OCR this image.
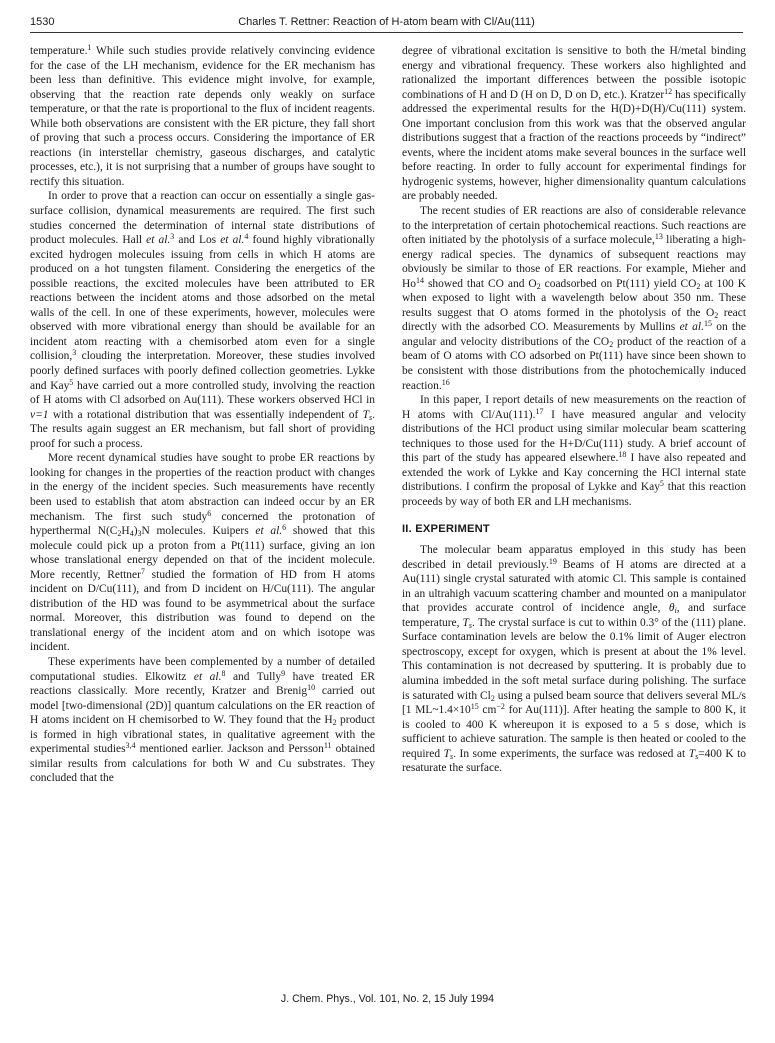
1530	Charles T. Rettner: Reaction of H-atom beam with Cl/Au(111)

temperature.$^1$ While such studies provide relatively convincing evidence for the case of the LH mechanism, evidence for the ER mechanism has been less than definitive. This evidence might involve, for example, observing that the reaction rate depends only weakly on surface temperature, or that the rate is proportional to the flux of incident reagents. While both observations are consistent with the ER picture, they fall short of proving that such a process occurs. Considering the importance of ER reactions (in interstellar chemistry, gaseous discharges, and catalytic processes, etc.), it is not surprising that a number of groups have sought to rectify this situation.

In order to prove that a reaction can occur on essentially a single gas-surface collision, dynamical measurements are required. The first such studies concerned the determination of internal state distributions of product molecules. Hall et al.$^3$ and Los et al.$^4$ found highly vibrationally excited hydrogen molecules issuing from cells in which H atoms are produced on a hot tungsten filament. Considering the energetics of the possible reactions, the excited molecules have been attributed to ER reactions between the incident atoms and those adsorbed on the metal walls of the cell. In one of these experiments, however, molecules were observed with more vibrational energy than should be available for an incident atom reacting with a chemisorbed atom even for a single collision,$^3$ clouding the interpretation. Moreover, these studies involved poorly defined surfaces with poorly defined collection geometries. Lykke and Kay$^5$ have carried out a more controlled study, involving the reaction of H atoms with Cl adsorbed on Au(111). These workers observed HCl in v=1 with a rotational distribution that was essentially independent of $T_s$. The results again suggest an ER mechanism, but fall short of providing proof for such a process.

More recent dynamical studies have sought to probe ER reactions by looking for changes in the properties of the reaction product with changes in the energy of the incident species. Such measurements have recently been used to establish that atom abstraction can indeed occur by an ER mechanism. The first such study$^6$ concerned the protonation of hyperthermal $N(C_2H_4)_3N$ molecules. Kuipers et al.$^6$ showed that this molecule could pick up a proton from a Pt(111) surface, giving an ion whose translational energy depended on that of the incident molecule. More recently, Rettner$^7$ studied the formation of HD from H atoms incident on D/Cu(111), and from D incident on H/Cu(111). The angular distribution of the HD was found to be asymmetrical about the surface normal. Moreover, this distribution was found to depend on the translational energy of the incident atom and on which isotope was incident.

These experiments have been complemented by a number of detailed computational studies. Elkowitz et al.$^8$ and Tully$^9$ have treated ER reactions classically. More recently, Kratzer and Brenig$^{10}$ carried out model [two-dimensional (2D)] quantum calculations on the ER reaction of H atoms incident on H chemisorbed to W. They found that the $H_2$ product is formed in high vibrational states, in qualitative agreement with the experimental studies$^{3,4}$ mentioned earlier. Jackson and Persson$^{11}$ obtained similar results from calculations for both W and Cu substrates. They concluded that the

degree of vibrational excitation is sensitive to both the H/metal binding energy and vibrational frequency. These workers also highlighted and rationalized the important differences between the possible isotopic combinations of H and D (H on D, D on D, etc.). Kratzer$^{12}$ has specifically addressed the experimental results for the H(D)+D(H)/Cu(111) system. One important conclusion from this work was that the observed angular distributions suggest that a fraction of the reactions proceeds by “indirect” events, where the incident atoms make several bounces in the surface well before reacting. In order to fully account for experimental findings for hydrogenic systems, however, higher dimensionality quantum calculations are probably needed.

The recent studies of ER reactions are also of considerable relevance to the interpretation of certain photochemical reactions. Such reactions are often initiated by the photolysis of a surface molecule,$^{13}$ liberating a high-energy radical species. The dynamics of subsequent reactions may obviously be similar to those of ER reactions. For example, Mieher and Ho$^{14}$ showed that CO and $O_2$ coadsorbed on Pt(111) yield $CO_2$ at 100 K when exposed to light with a wavelength below about 350 nm. These results suggest that O atoms formed in the photolysis of the $O_2$ react directly with the adsorbed CO. Measurements by Mullins et al.$^{15}$ on the angular and velocity distributions of the $CO_2$ product of the reaction of a beam of O atoms with CO adsorbed on Pt(111) have since been shown to be consistent with those distributions from the photochemically induced reaction.$^{16}$

In this paper, I report details of new measurements on the reaction of H atoms with Cl/Au(111).$^{17}$ I have measured angular and velocity distributions of the HCl product using similar molecular beam scattering techniques to those used for the H+D/Cu(111) study. A brief account of this part of the study has appeared elsewhere.$^{18}$ I have also repeated and extended the work of Lykke and Kay concerning the HCl internal state distributions. I confirm the proposal of Lykke and Kay$^5$ that this reaction proceeds by way of both ER and LH mechanisms.

II. EXPERIMENT

The molecular beam apparatus employed in this study has been described in detail previously.$^{19}$ Beams of H atoms are directed at a Au(111) single crystal saturated with atomic Cl. This sample is contained in an ultrahigh vacuum scattering chamber and mounted on a manipulator that provides accurate control of incidence angle, $\theta_i$, and surface temperature, $T_s$. The crystal surface is cut to within 0.3° of the (111) plane. Surface contamination levels are below the 0.1% limit of Auger electron spectroscopy, except for oxygen, which is present at about the 1% level. This contamination is not decreased by sputtering. It is probably due to alumina imbedded in the soft metal surface during polishing. The surface is saturated with $Cl_2$ using a pulsed beam source that delivers several ML/s [1 $ML\sim 1.4\times 10^{15}$ $cm^{-2}$ for Au(111)]. After heating the sample to 800 K, it is cooled to 400 K whereupon it is exposed to a 5 s dose, which is sufficient to achieve saturation. The sample is then heated or cooled to the required $T_s$. In some experiments, the surface was redosed at $T_s=400$ K to resaturate the surface.

J. Chem. Phys., Vol. 101, No. 2, 15 July 1994
